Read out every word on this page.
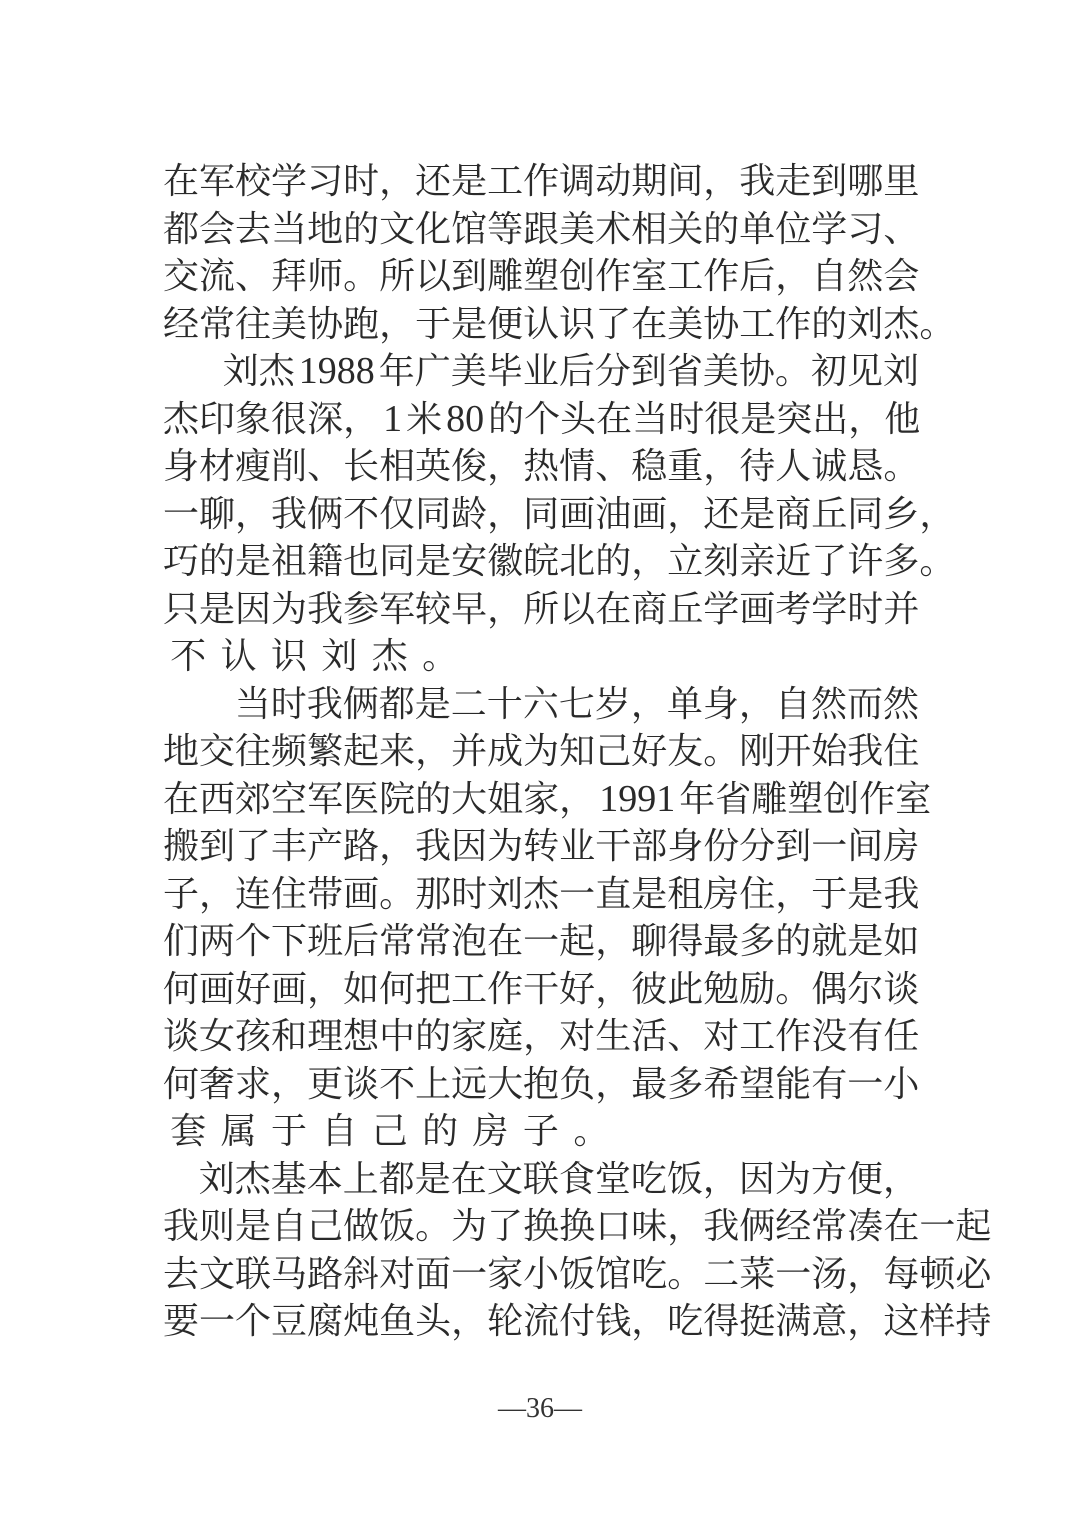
在 军 校 学 习 时 ， 还 是 工 作 调 动 期 间 ， 我 走 到 哪 里
都 会 去 当 地 的 文 化 馆 等 跟 美 术 相 关 的 单 位 学 习 、
交 流 、 拜 师 。 所 以 到 雕 塑 创 作 室 工 作 后 ， 自 然 会
经 常 往 美 协 跑 ， 于 是 便 认 识 了 在 美 协 工 作 的 刘 杰 。

刘 杰 1988 年 广 美 毕 业 后 分 到 省 美 协 。 初 见 刘
杰 印 象 很 深 ， 1 米 80 的 个 头 在 当 时 很 是 突 出 ， 他
身 材 瘦 削 、 长 相 英 俊 ， 热 情 、 稳 重 ， 待 人 诚 恳 。
一 聊 ， 我 俩 不 仅 同 龄 ， 同 画 油 画 ， 还 是 商 丘 同 乡 ，
巧 的 是 祖 籍 也 同 是 安 徽 皖 北 的 ， 立 刻 亲 近 了 许 多 。
只 是 因 为 我 参 军 较 早 ， 所 以 在 商 丘 学 画 考 学 时 并
不 认 识 刘 杰 。

当 时 我 俩 都 是 二 十 六 七 岁 ， 单 身 ， 自 然 而 然
地 交 往 频 繁 起 来 ， 并 成 为 知 己 好 友 。 刚 开 始 我 住
在 西 郊 空 军 医 院 的 大 姐 家 ， 1991 年 省 雕 塑 创 作 室
搬 到 了 丰 产 路 ， 我 因 为 转 业 干 部 身 份 分 到 一 间 房
子 ， 连 住 带 画 。 那 时 刘 杰 一 直 是 租 房 住 ， 于 是 我
们 两 个 下 班 后 常 常 泡 在 一 起 ， 聊 得 最 多 的 就 是 如
何 画 好 画 ， 如 何 把 工 作 干 好 ， 彼 此 勉 励 。 偶 尔 谈
谈 女 孩 和 理 想 中 的 家 庭 ， 对 生 活 、 对 工 作 没 有 任
何 奢 求 ， 更 谈 不 上 远 大 抱 负 ， 最 多 希 望 能 有 一 小
套 属 于 自 己 的 房 子 。

刘 杰 基 本 上 都 是 在 文 联 食 堂 吃 饭 ， 因 为 方 便 ，
我 则 是 自 己 做 饭 。 为 了 换 换 口 味 ， 我 俩 经 常 凑 在 一 起
去 文 联 马 路 斜 对 面 一 家 小 饭 馆 吃 。 二 菜 一 汤 ， 每 顿 必
要 一 个 豆 腐 炖 鱼 头 ， 轮 流 付 钱 ， 吃 得 挺 满 意 ， 这 样 持
—36—
